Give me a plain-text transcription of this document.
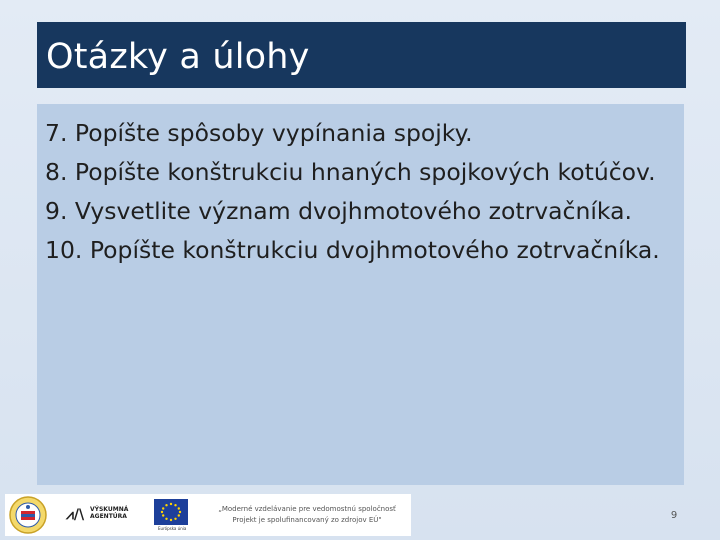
Otázky a úlohy
7. Popíšte spôsoby vypínania spojky.
8. Popíšte konštrukciu hnaných spojkových kotúčov.
9. Vysvetlite význam dvojhmotového zotrvačníka.
10. Popíšte konštrukciu dvojhmotového zotrvačníka.
⩘/\ VÝSKUMNÁ
AGENTÚRA
Európska únia
„Moderné vzdelávanie pre vedomostnú spoločnosť
Projekt je spolufinancovaný zo zdrojov EÚ"	9
